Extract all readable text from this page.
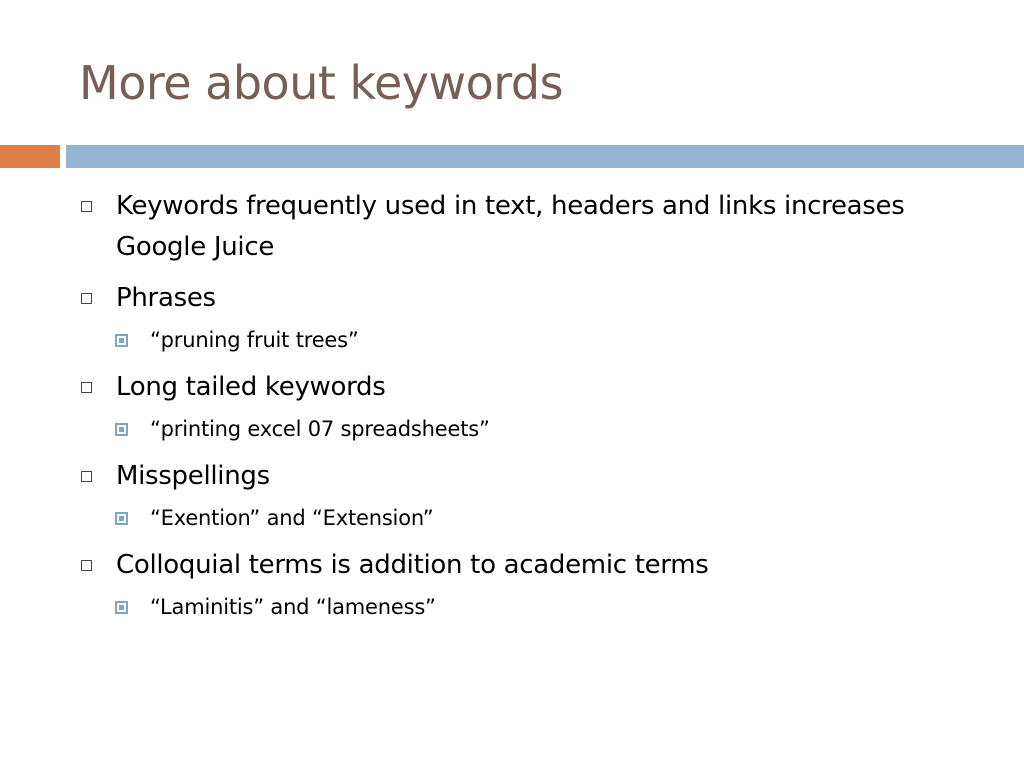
More about keywords
Keywords frequently used in text, headers and links increases Google Juice
Phrases
“pruning fruit trees”
Long tailed keywords
“printing excel 07 spreadsheets”
Misspellings
“Exention” and “Extension”
Colloquial terms is addition to academic terms
“Laminitis” and “lameness”
